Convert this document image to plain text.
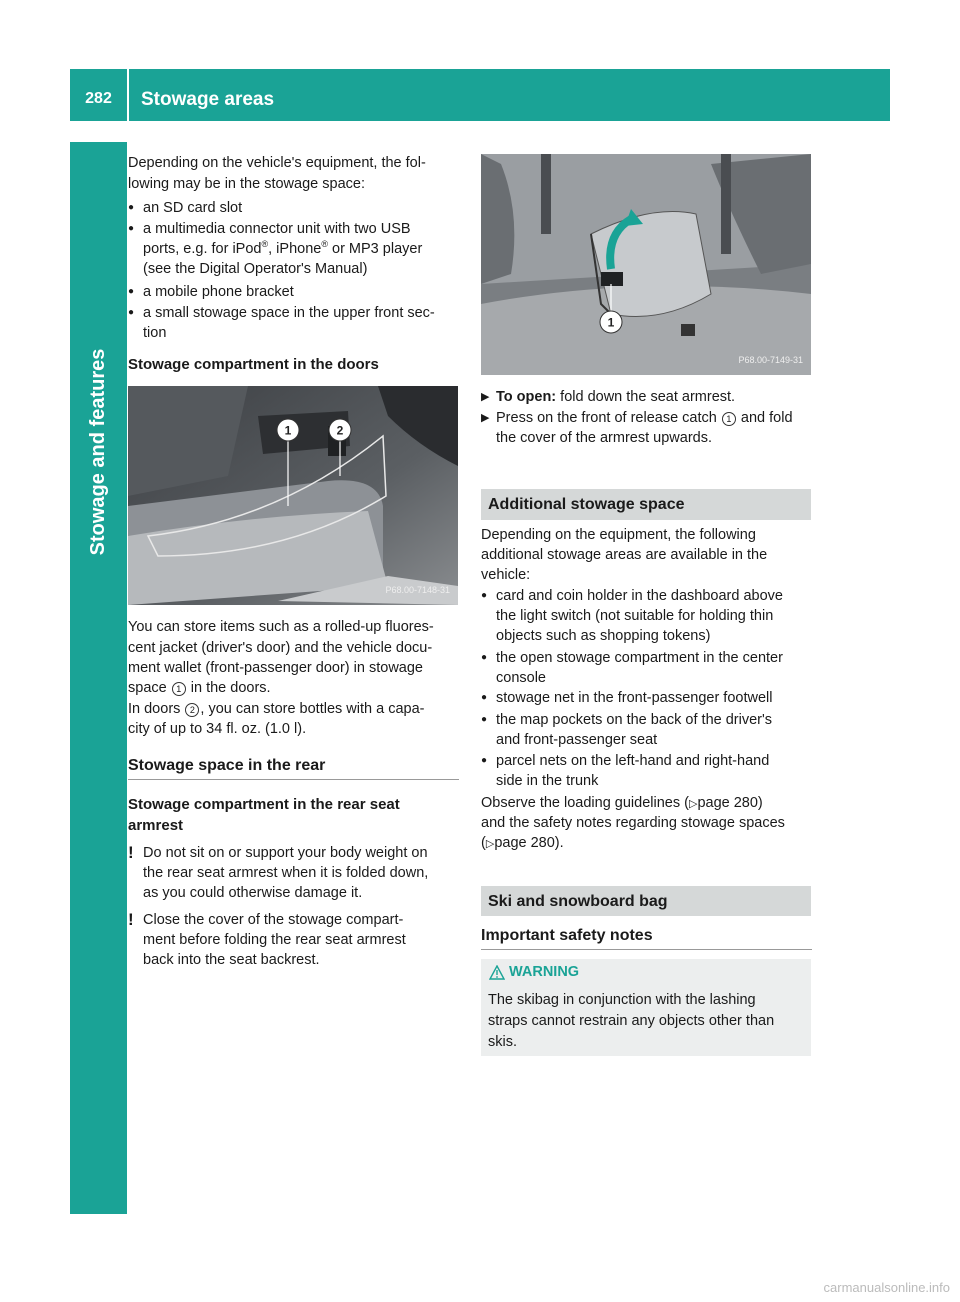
282	Stowage areas
Stowage and features

Depending on the vehicle's equipment, the fol-

lowing may be in the stowage space:

● an SD card slot
● a multimedia connector unit with two USB
ports, e.g. for iPod®, iPhone® or MP3 player
(see the Digital Operator's Manual)
● a mobile phone bracket
● a small stowage space in the upper front sec-
tion

Stowage compartment in the doors

1	2
P68.00-7148-31

You can store items such as a rolled-up fluores-

cent jacket (driver's door) and the vehicle docu-

ment wallet (front-passenger door) in stowage

space 1 in the doors.

In doors 2 , you can store bottles with a capa-

city of up to 34 fl. oz. (1.0 l).

Stowage space in the rear

Stowage compartment in the rear seat

armrest

! Do not sit on or support your body weight on
the rear seat armrest when it is folded down,
as you could otherwise damage it.
! Close the cover of the stowage compart-
ment before folding the rear seat armrest
back into the seat backrest.
1
P68.00-7149-31
▶ To open: fold down the seat armrest.
▶ Press on the front of release catch 1 and fold
the cover of the armrest upwards.
Additional stowage space

Depending on the equipment, the following

additional stowage areas are available in the

vehicle:

● card and coin holder in the dashboard above
the light switch (not suitable for holding thin
objects such as shopping tokens)
● the open stowage compartment in the center
console
● stowage net in the front-passenger footwell
● the map pockets on the back of the driver's
and front-passenger seat
● parcel nets on the left-hand and right-hand
side in the trunk

Observe the loading guidelines (▷page 280)

and the safety notes regarding stowage spaces

(▷page 280).

Ski and snowboard bag

Important safety notes

WARNING
The skibag in conjunction with the lashing
straps cannot restrain any objects other than
skis.
carmanualsonline.info
